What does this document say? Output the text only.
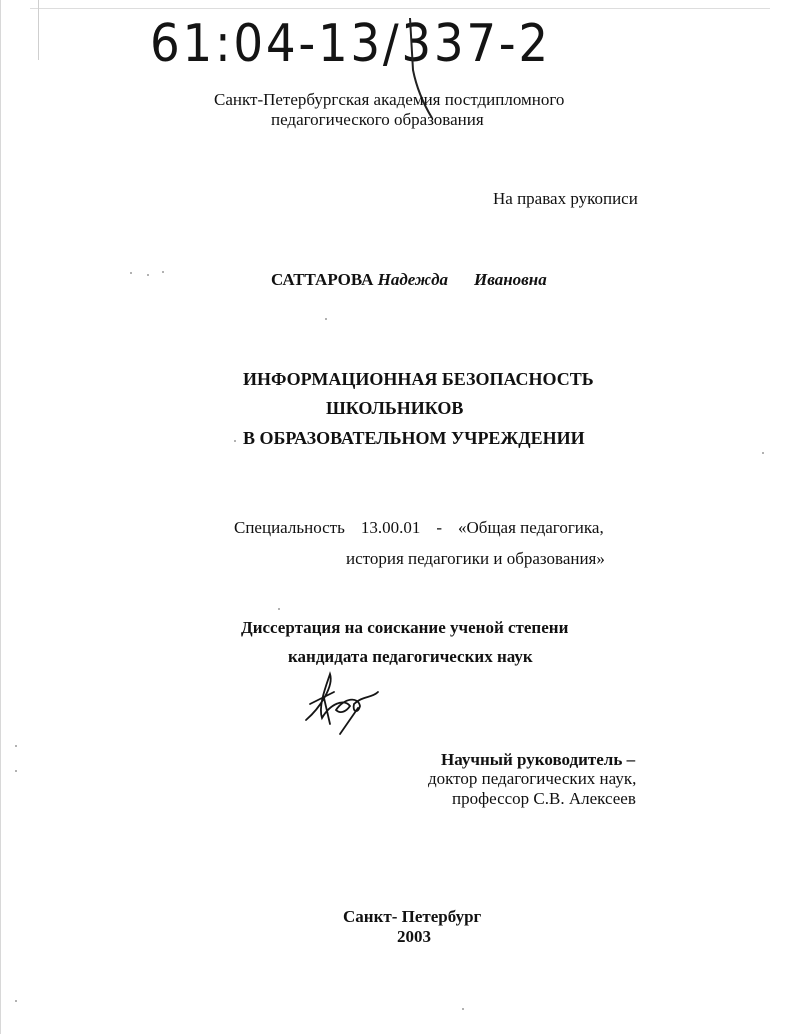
61:04-13/337-2
Санкт-Петербургская академия постдипломного
педагогического образования
На правах рукописи
САТТАРОВА Надежда Ивановна
ИНФОРМАЦИОННАЯ БЕЗОПАСНОСТЬ
ШКОЛЬНИКОВ
В ОБРАЗОВАТЕЛЬНОМ УЧРЕЖДЕНИИ
Специальность 13.00.01 - «Общая педагогика,
история педагогики и образования»
Диссертация на соискание ученой степени
кандидата педагогических наук
Научный руководитель –
доктор педагогических наук,
профессор С.В. Алексеев
Санкт- Петербург
2003
